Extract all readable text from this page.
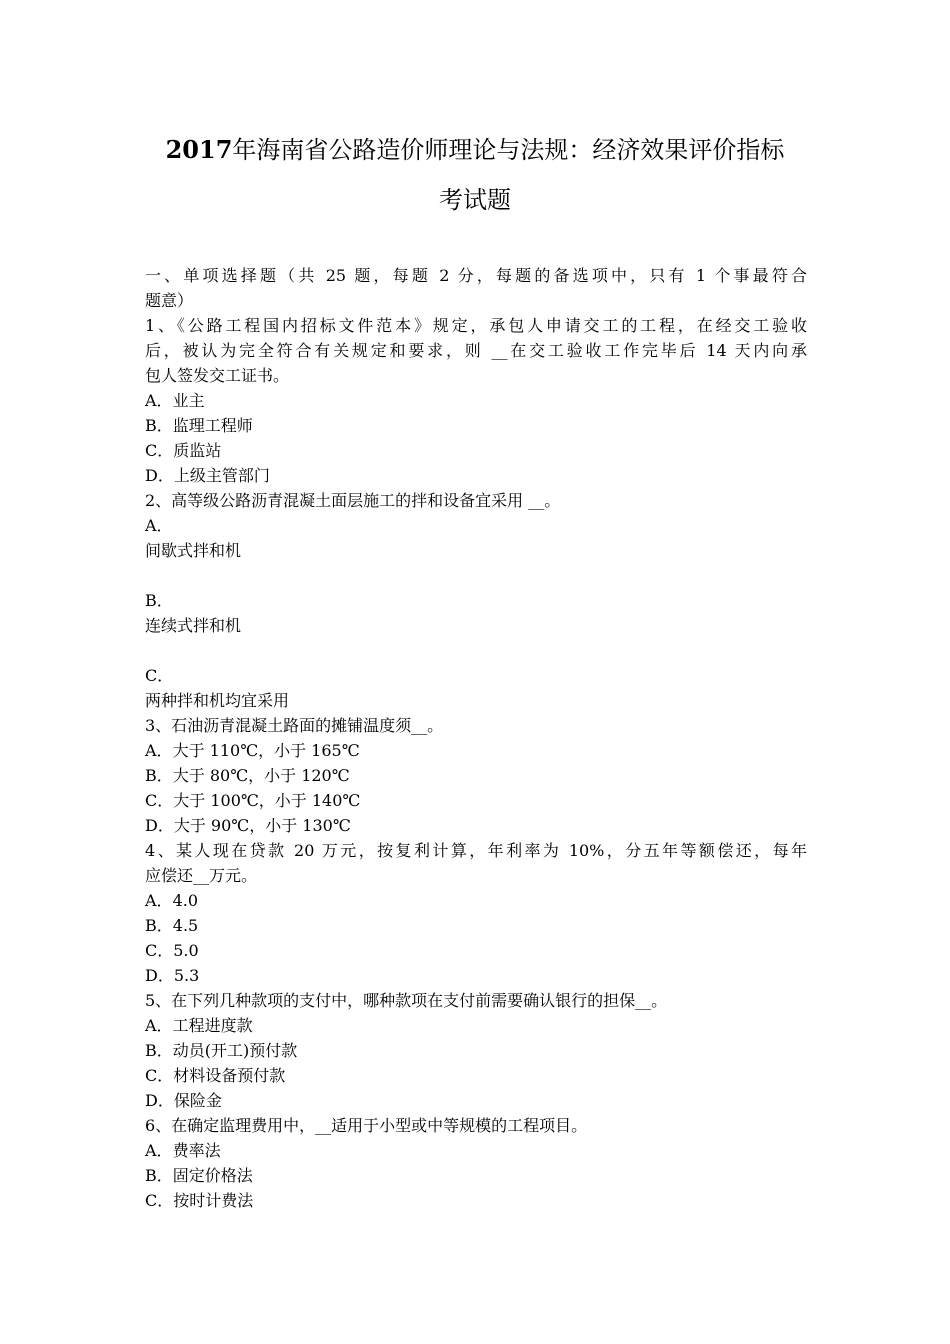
2017年海南省公路造价师理论与法规：经济效果评价指标
考试题
一、单项选择题（共 25 题，每题 2 分，每题的备选项中，只有 1 个事最符合
题意）
1、《公路工程国内招标文件范本》规定，承包人申请交工的工程，在经交工验收
后，被认为完全符合有关规定和要求，则 __在交工验收工作完毕后 14 天内向承
包人签发交工证书。
A．业主
B．监理工程师
C．质监站
D．上级主管部门
2、高等级公路沥青混凝土面层施工的拌和设备宜采用 __。
A．
间歇式拌和机
B．
连续式拌和机
C．
两种拌和机均宜采用
3、石油沥青混凝土路面的摊铺温度须__。
A．大于 110℃，小于 165℃
B．大于 80℃，小于 120℃
C．大于 100℃，小于 140℃
D．大于 90℃，小于 130℃
4、某人现在贷款 20 万元，按复利计算，年利率为 10%，分五年等额偿还，每年
应偿还__万元。
A．4.0
B．4.5
C．5.0
D．5.3
5、在下列几种款项的支付中，哪种款项在支付前需要确认银行的担保__。
A．工程进度款
B．动员(开工)预付款
C．材料设备预付款
D．保险金
6、在确定监理费用中，__适用于小型或中等规模的工程项目。
A．费率法
B．固定价格法
C．按时计费法
